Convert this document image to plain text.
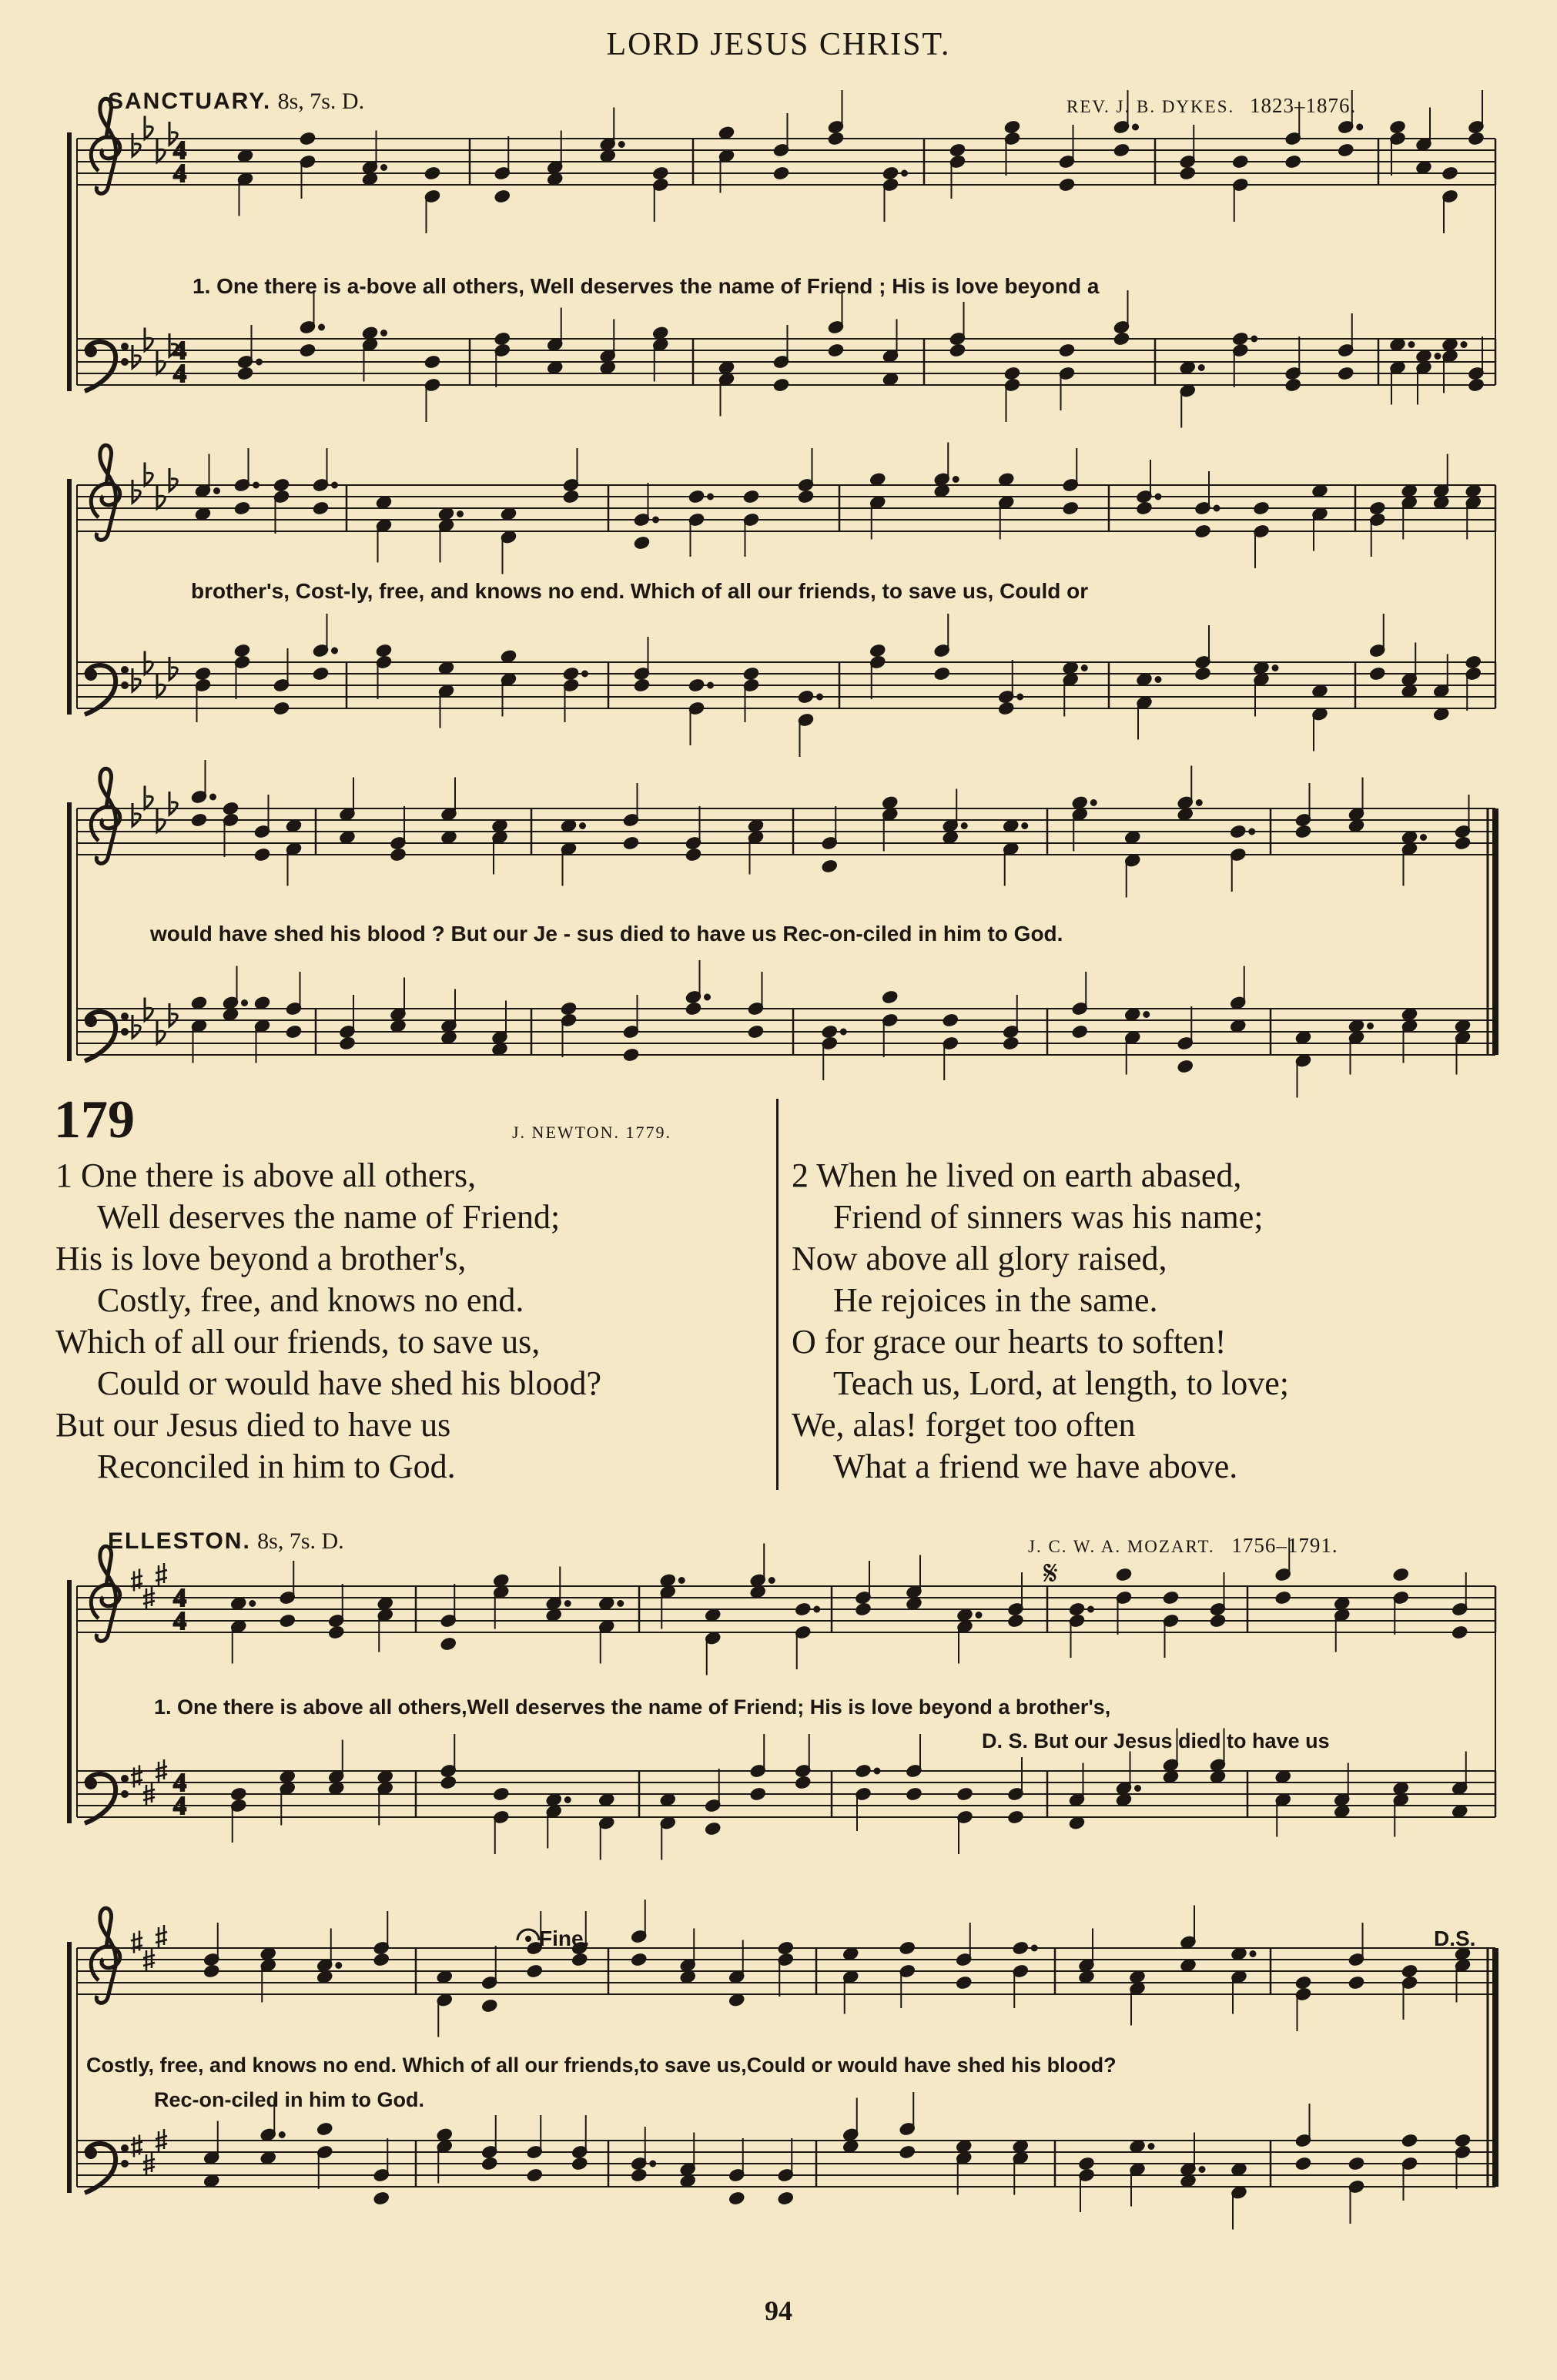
LORD JESUS CHRIST.
SANCTUARY. 8s, 7s. D.	REV. J. B. DYKES. 1823–1876.
4
4
4
4
4
4
4
4
1. One there is a-bove all others, Well deserves the name of Friend ; His is love beyond a
brother's, Cost-ly, free, and knows no end. Which of all our friends, to save us, Could or
would have shed his blood ? But our Je - sus died to have us Rec-on-ciled in him to God.
179	J. NEWTON. 1779.
1 One there is above all others,
Well deserves the name of Friend;
His is love beyond a brother's,
Costly, free, and knows no end.
Which of all our friends, to save us,
Could or would have shed his blood?
But our Jesus died to have us
Reconciled in him to God.
2 When he lived on earth abased,
Friend of sinners was his name;
Now above all glory raised,
He rejoices in the same.
O for grace our hearts to soften!
Teach us, Lord, at length, to love;
We, alas! forget too often
What a friend we have above.
ELLESTON. 8s, 7s. D.	J. C. W. A. MOZART. 1756–1791.
𝄋
1. One there is above all others,Well deserves the name of Friend; His is love beyond a brother's,
D. S. But our Jesus died to have us
Costly, free, and knows no end. Which of all our friends,to save us,Could or would have shed his blood?
Rec-on-ciled in him to God.
Fine.	D.S.
94
